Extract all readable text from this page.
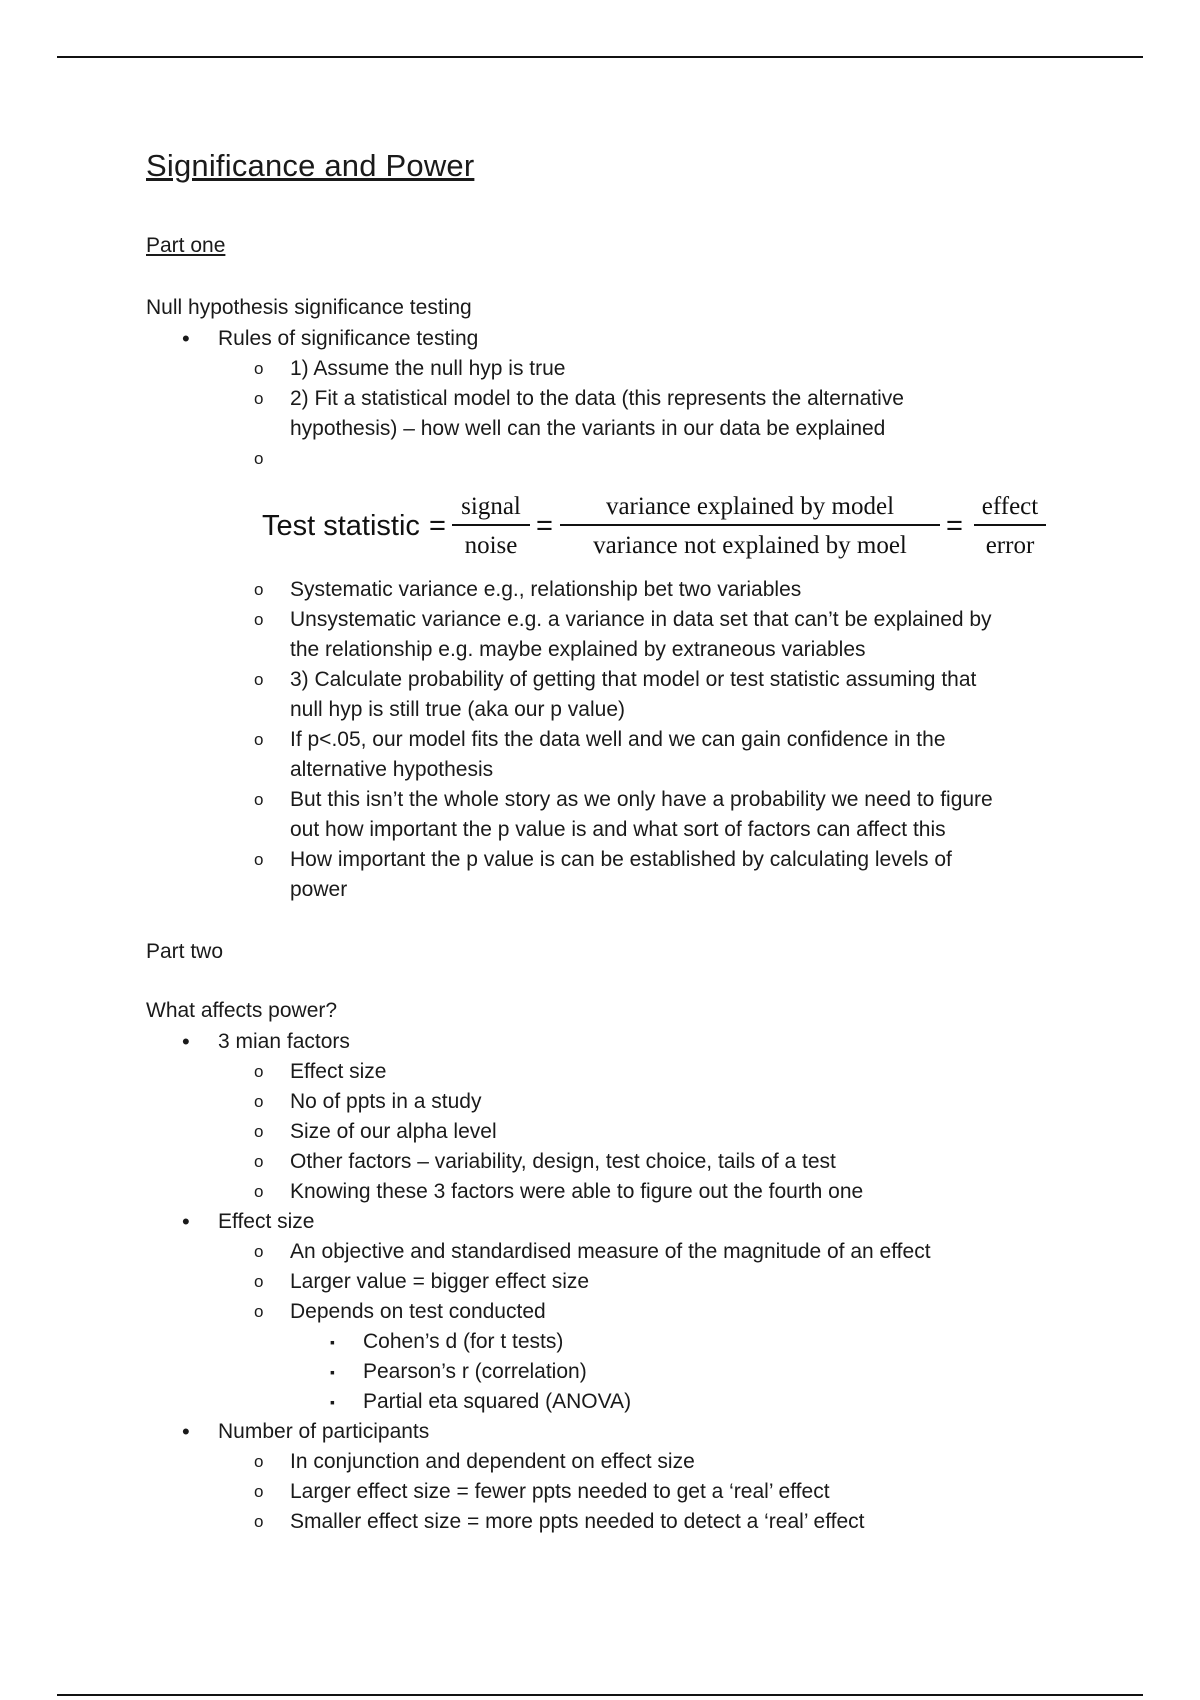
Significance and Power
Part one
Null hypothesis significance testing
• Rules of significance testing
o 1) Assume the null hyp is true
o 2) Fit a statistical model to the data (this represents the alternative
hypothesis) – how well can the variants in our data be explained
o

Test statistic =
signal
noise
=
variance explained by model
variance not explained by moel
=
effect
error
o Systematic variance e.g., relationship bet two variables
o Unsystematic variance e.g. a variance in data set that can’t be explained by
the relationship e.g. maybe explained by extraneous variables
o 3) Calculate probability of getting that model or test statistic assuming that
null hyp is still true (aka our p value)
o If p<.05, our model fits the data well and we can gain confidence in the
alternative hypothesis
o But this isn’t the whole story as we only have a probability we need to figure
out how important the p value is and what sort of factors can affect this
o How important the p value is can be established by calculating levels of
power
Part two
What affects power?
• 3 mian factors
o Effect size
o No of ppts in a study
o Size of our alpha level
o Other factors – variability, design, test choice, tails of a test
o Knowing these 3 factors were able to figure out the fourth one
• Effect size
o An objective and standardised measure of the magnitude of an effect
o Larger value = bigger effect size
o Depends on test conducted
▪ Cohen’s d (for t tests)
▪ Pearson’s r (correlation)
▪ Partial eta squared (ANOVA)
• Number of participants
o In conjunction and dependent on effect size
o Larger effect size = fewer ppts needed to get a ‘real’ effect
o Smaller effect size = more ppts needed to detect a ‘real’ effect
